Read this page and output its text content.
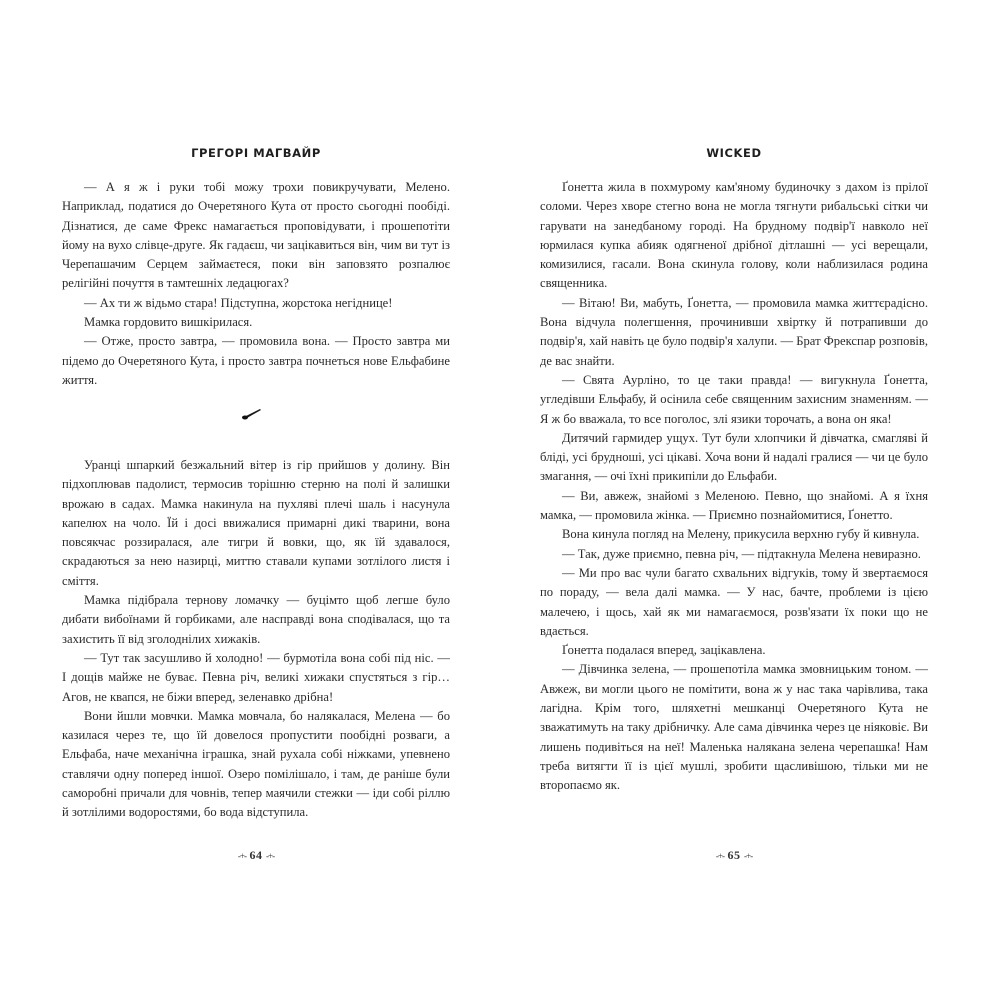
ГРЕГОРІ МАГВАЙР

— А я ж і руки тобі можу трохи повикручувати, Мелено. Наприклад, податися до Очеретяного Кута от просто сьогодні пообіді. Дізнатися, де саме Фрекс намагається проповідувати, і прошепотіти йому на вухо слівце-друге. Як гадаєш, чи зацікавиться він, чим ви тут із Черепашачим Серцем займаєтеся, поки він заповзято розпалює релігійні почуття в тамтешніх ледацюгах?

— Ах ти ж відьмо стара! Підступна, жорстока негіднице!

Мамка гордовито вишкірилася.

— Отже, просто завтра, — промовила вона. — Просто завтра ми підемо до Очеретяного Кута, і просто завтра почнеться нове Ельфабине життя.

Уранці шпаркий безжальний вітер із гір прийшов у долину. Він підхоплював падолист, термосив торішню стерню на полі й залишки врожаю в садах. Мамка накинула на пухляві плечі шаль і насунула капелюх на чоло. Їй і досі ввижалися примарні дикі тварини, вона повсякчас роззиралася, але тигри й вовки, що, як їй здавалося, скрадаються за нею назирці, миттю ставали купами зотлілого листя і сміття.

Мамка підібрала тернову ломачку — буцімто щоб легше було дибати вибоїнами й горбиками, але насправді вона сподівалася, що та захистить її від зголоднілих хижаків.

— Тут так засушливо й холодно! — бурмотіла вона собі під ніс. — І дощів майже не буває. Певна річ, великі хижаки спустяться з гір… Агов, не квапся, не біжи вперед, зеленавко дрібна!

Вони йшли мовчки. Мамка мовчала, бо налякалася, Мелена — бо казилася через те, що їй довелося пропустити пообідні розваги, а Ельфаба, наче механічна іграшка, знай рухала собі ніжками, упевнено ставлячи одну поперед іншої. Озеро помілішало, і там, де раніше були саморобні причали для човнів, тепер маячили стежки — іди собі ріллю й зотлілими водоростями, бо вода відступила.

-+- 64 -+-
WICKED

Ґонетта жила в похмурому кам'яному будиночку з дахом із прілої соломи. Через хворе стегно вона не могла тягнути рибальські сітки чи гарувати на занедбаному городі. На брудному подвір'ї навколо неї юрмилася купка абияк одягненої дрібної дітлашні — усі верещали, комизилися, гасали. Вона скинула голову, коли наблизилася родина священника.

— Вітаю! Ви, мабуть, Ґонетта, — промовила мамка життєрадісно. Вона відчула полегшення, прочинивши хвіртку й потрапивши до подвір'я, хай навіть це було подвір'я халупи. — Брат Фрекспар розповів, де вас знайти.

— Свята Аурліно, то це таки правда! — вигукнула Ґонетта, угледівши Ельфабу, й осінила себе священним захисним знаменням. — Я ж бо вважала, то все поголос, злі язики торочать, а вона он яка!

Дитячий гармидер ущух. Тут були хлопчики й дівчатка, смагляві й бліді, усі брудноші, усі цікаві. Хоча вони й надалі гралися — чи це було змагання, — очі їхні прикипіли до Ельфаби.

— Ви, авжеж, знайомі з Меленою. Певно, що знайомі. А я їхня мамка, — промовила жінка. — Приємно познайомитися, Ґонетто.

Вона кинула погляд на Мелену, прикусила верхню губу й кивнула.

— Так, дуже приємно, певна річ, — підтакнула Мелена невиразно.

— Ми про вас чули багато схвальних відгуків, тому й звертаємося по пораду, — вела далі мамка. — У нас, бачте, проблеми із цією малечею, і щось, хай як ми намагаємося, розв'язати їх поки що не вдається.

Ґонетта подалася вперед, зацікавлена.

— Дівчинка зелена, — прошепотіла мамка змовницьким тоном. — Авжеж, ви могли цього не помітити, вона ж у нас така чарівлива, така лагідна. Крім того, шляхетні мешканці Очеретяного Кута не зважатимуть на таку дрібничку. Але сама дівчинка через це ніяковіє. Ви лишень подивіться на неї! Маленька налякана зелена черепашка! Нам треба витягти її із цієї мушлі, зробити щасливішою, тільки ми не второпаємо як.

-+- 65 -+-
